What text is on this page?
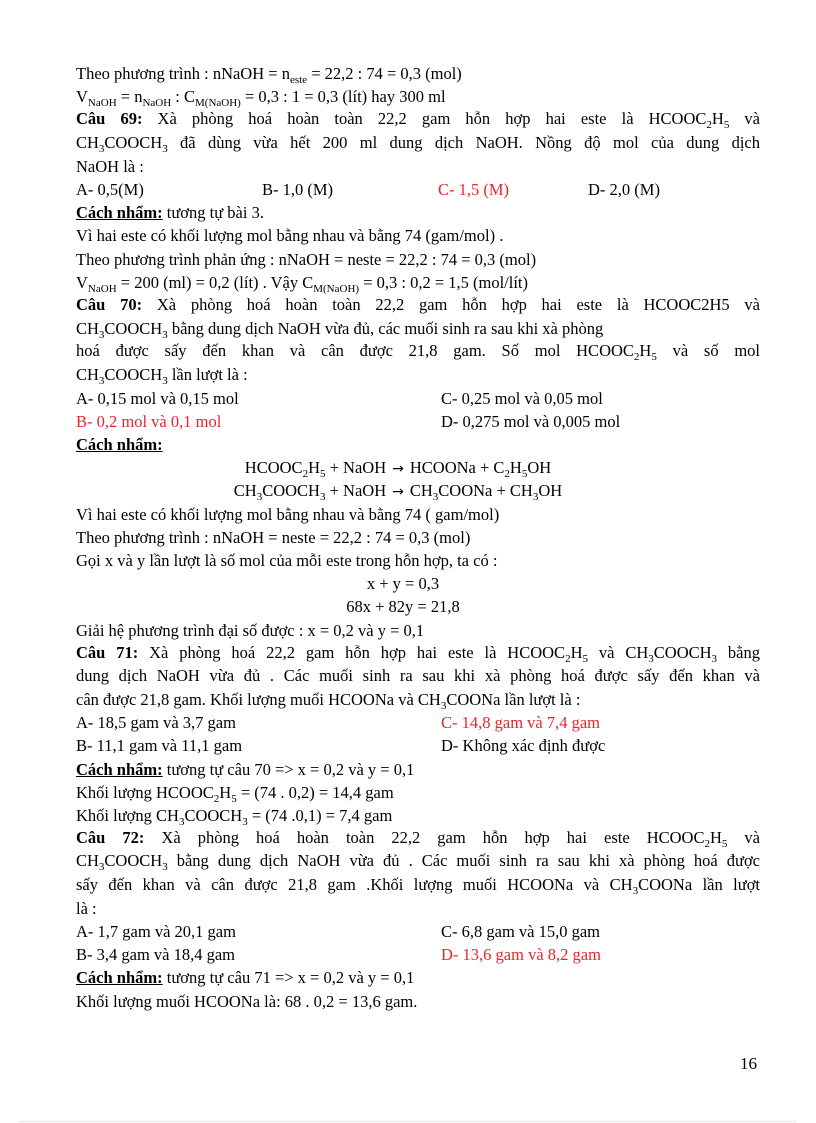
Theo phương trình : nNaOH = $n_{este} = 22,2$ : 74 = 0,3 (mol)
$V_{NaOH} = n_{NaOH}$ : $C_{M(NaOH)} = 0,3$ : 1 = 0,3 (lít) hay 300 ml
Câu 69: Xà phòng hoá hoàn toàn 22,2 gam hỗn hợp hai este là $HCOOC_2H_5$ và
$CH_3COOCH_3$ đã dùng vừa hết 200 ml dung dịch NaOH. Nồng độ mol của dung dịch
NaOH là :
A- 0,5(M)	B- 1,0 (M)	C- 1,5 (M)	D- 2,0 (M)
Cách nhẩm: tương tự bài 3.
Vì hai este có khối lượng mol bằng nhau và bằng 74 (gam/mol) .
Theo phương trình phản ứng : nNaOH = neste = 22,2 : 74 = 0,3 (mol)
$V_{NaOH} = 200$ (ml) = 0,2 (lít) . Vậy $C_{M(NaOH)} = 0,3$ : 0,2 = 1,5 (mol/lít)
Câu 70: Xà phòng hoá hoàn toàn 22,2 gam hỗn hợp hai este là HCOOC2H5 và
$CH_3COOCH_3$ bằng dung dịch NaOH vừa đủ, các muối sinh ra sau khi xà phòng
hoá được sấy đến khan và cân được 21,8 gam. Số mol $HCOOC_2H_5$ và số mol
$CH_3COOCH_3$ lần lượt là :
A- 0,15 mol và 0,15 mol	C- 0,25 mol và 0,05 mol
B- 0,2 mol và 0,1 mol	D- 0,275 mol và 0,005 mol
Cách nhẩm:
$HCOOC_2H_5$ + NaOH → HCOONa + $C_2H_5OH$
$CH_3COOCH_3$ + NaOH → $CH_3COONa + CH_3OH$
Vì hai este có khối lượng mol bằng nhau và bằng 74 ( gam/mol)
Theo phương trình : nNaOH = neste = 22,2 : 74 = 0,3 (mol)
Gọi x và y lần lượt là số mol của mỗi este trong hỗn hợp, ta có :
x + y = 0,3
68x + 82y = 21,8
Giải hệ phương trình đại số được : x = 0,2 và y = 0,1
Câu 71: Xà phòng hoá 22,2 gam hỗn hợp hai este là $HCOOC_2H_5$ và $CH_3COOCH_3$ bằng
dung dịch NaOH vừa đủ . Các muối sinh ra sau khi xà phòng hoá được sấy đến khan và
cân được 21,8 gam. Khối lượng muối HCOONa và $CH_3COONa$ lần lượt là :
A- 18,5 gam và 3,7 gam	C- 14,8 gam và 7,4 gam
B- 11,1 gam và 11,1 gam	D- Không xác định được
Cách nhẩm: tương tự câu 70 => x = 0,2 và y = 0,1
Khối lượng $HCOOC_2H_5 = (74$ . 0,2) = 14,4 gam
Khối lượng $CH_3COOCH_3 = (74$ .0,1) = 7,4 gam
Câu 72: Xà phòng hoá hoàn toàn 22,2 gam hỗn hợp hai este $HCOOC_2H_5$ và
$CH_3COOCH_3$ bằng dung dịch NaOH vừa đủ . Các muối sinh ra sau khi xà phòng hoá được
sấy đến khan và cân được 21,8 gam .Khối lượng muối HCOONa và $CH_3COONa$ lần lượt
là :
A- 1,7 gam và 20,1 gam	C- 6,8 gam và 15,0 gam
B- 3,4 gam và 18,4 gam	D- 13,6 gam và 8,2 gam
Cách nhẩm: tương tự câu 71 => x = 0,2 và y = 0,1
Khối lượng muối HCOONa là: 68 . 0,2 = 13,6 gam.
16
